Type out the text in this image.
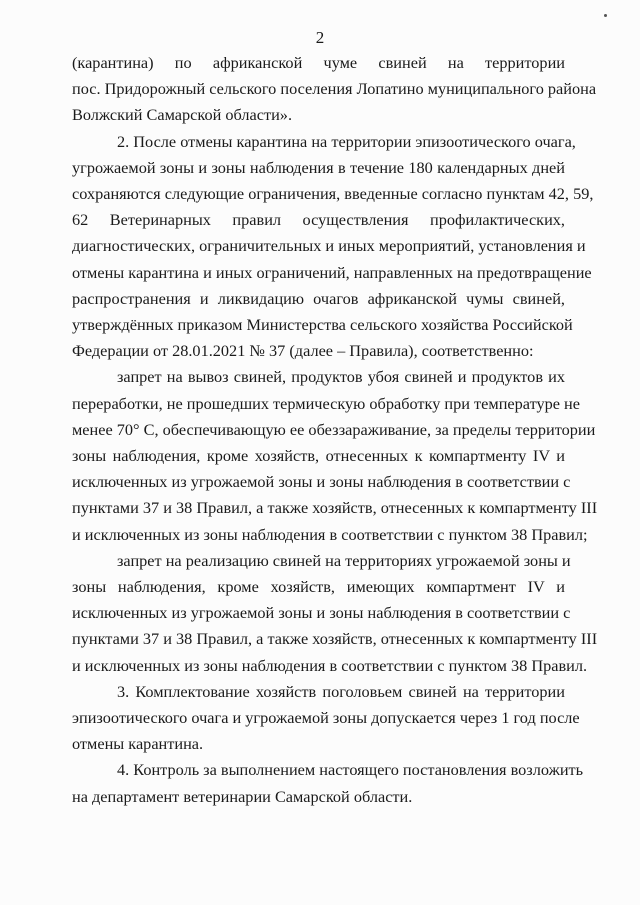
2
(карантина) по африканской чуме свиней на территории
пос. Придорожный сельского поселения Лопатино муниципального района
Волжский Самарской области».
2. После отмены карантина на территории эпизоотического очага,
угрожаемой зоны и зоны наблюдения в течение 180 календарных дней
сохраняются следующие ограничения, введенные согласно пунктам 42, 59,
62 Ветеринарных правил осуществления профилактических,
диагностических, ограничительных и иных мероприятий, установления и
отмены карантина и иных ограничений, направленных на предотвращение
распространения и ликвидацию очагов африканской чумы свиней,
утверждённых приказом Министерства сельского хозяйства Российской
Федерации от 28.01.2021 № 37 (далее – Правила), соответственно:
запрет на вывоз свиней, продуктов убоя свиней и продуктов их
переработки, не прошедших термическую обработку при температуре не
менее 70° С, обеспечивающую ее обеззараживание, за пределы территории
зоны наблюдения, кроме хозяйств, отнесенных к компартменту IV и
исключенных из угрожаемой зоны и зоны наблюдения в соответствии с
пунктами 37 и 38 Правил, а также хозяйств, отнесенных к компартменту III
и исключенных из зоны наблюдения в соответствии с пунктом 38 Правил;
запрет на реализацию свиней на территориях угрожаемой зоны и
зоны наблюдения, кроме хозяйств, имеющих компартмент IV и
исключенных из угрожаемой зоны и зоны наблюдения в соответствии с
пунктами 37 и 38 Правил, а также хозяйств, отнесенных к компартменту III
и исключенных из зоны наблюдения в соответствии с пунктом 38 Правил.
3. Комплектование хозяйств поголовьем свиней на территории
эпизоотического очага и угрожаемой зоны допускается через 1 год после
отмены карантина.
4. Контроль за выполнением настоящего постановления возложить
на департамент ветеринарии Самарской области.
